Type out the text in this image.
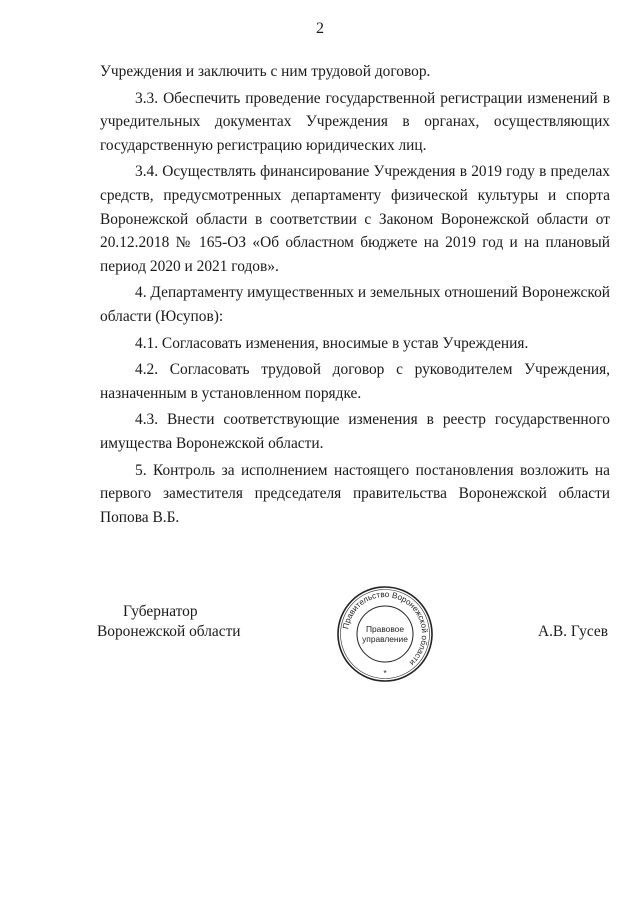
2

Учреждения и заключить с ним трудовой договор.

3.3. Обеспечить проведение государственной регистрации изменений в учредительных документах Учреждения в органах, осуществляющих государственную регистрацию юридических лиц.

3.4. Осуществлять финансирование Учреждения в 2019 году в пределах средств, предусмотренных департаменту физической культуры и спорта Воронежской области в соответствии с Законом Воронежской области от 20.12.2018 № 165-ОЗ «Об областном бюджете на 2019 год и на плановый период 2020 и 2021 годов».

4. Департаменту имущественных и земельных отношений Воронежской области (Юсупов):

4.1. Согласовать изменения, вносимые в устав Учреждения.

4.2. Согласовать трудовой договор с руководителем Учреждения, назначенным в установленном порядке.

4.3. Внести соответствующие изменения в реестр государственного имущества Воронежской области.

5. Контроль за исполнением настоящего постановления возложить на первого заместителя председателя правительства Воронежской области Попова В.Б.

Губернатор
Воронежской области	Правительство Воронежской области
Правовое
управление
*
А.В. Гусев
